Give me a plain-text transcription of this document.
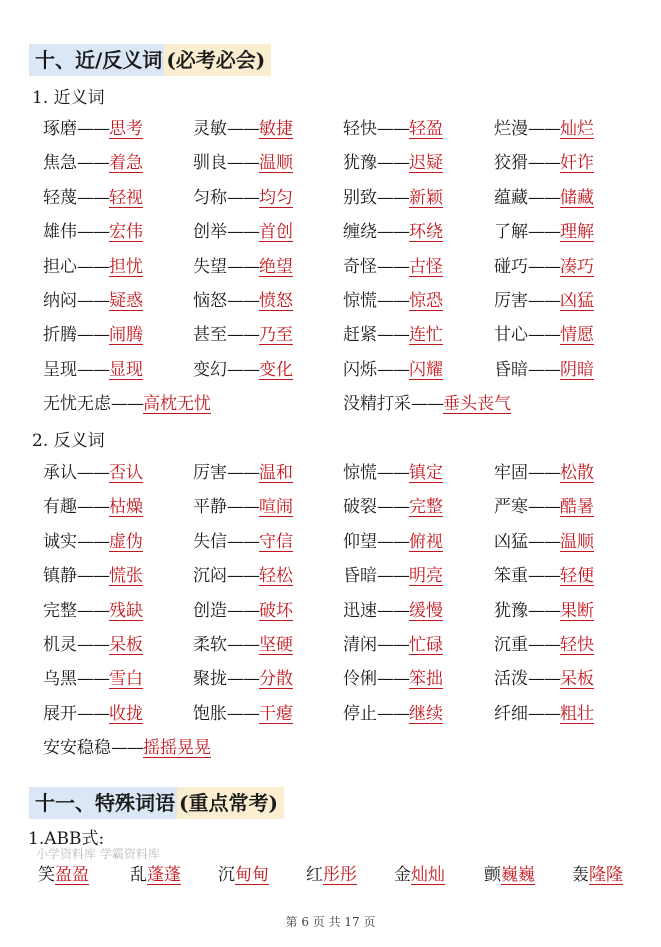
十、近/反义词 (必考必会)
1. 近义词
琢磨 —— 思考	灵敏 —— 敏捷	轻快 —— 轻盈	烂漫 —— 灿烂
焦急 —— 着急	驯良 —— 温顺	犹豫 —— 迟疑	狡猾 —— 奸诈
轻蔑 —— 轻视	匀称 —— 均匀	别致 —— 新颖	蕴藏 —— 储藏
雄伟 —— 宏伟	创举 —— 首创	缠绕 —— 环绕	了解 —— 理解
担心 —— 担忧	失望 —— 绝望	奇怪 —— 古怪	碰巧 —— 凑巧
纳闷 —— 疑惑	恼怒 —— 愤怒	惊慌 —— 惊恐	厉害 —— 凶猛
折腾 —— 闹腾	甚至 —— 乃至	赶紧 —— 连忙	甘心 —— 情愿
呈现 —— 显现	变幻 —— 变化	闪烁 —— 闪耀	昏暗 —— 阴暗
无忧无虑 —— 高枕无忧	没精打采 —— 垂头丧气
2. 反义词
承认 —— 否认	厉害 —— 温和	惊慌 —— 镇定	牢固 —— 松散
有趣 —— 枯燥	平静 —— 喧闹	破裂 —— 完整	严寒 —— 酷暑
诚实 —— 虚伪	失信 —— 守信	仰望 —— 俯视	凶猛 —— 温顺
镇静 —— 慌张	沉闷 —— 轻松	昏暗 —— 明亮	笨重 —— 轻便
完整 —— 残缺	创造 —— 破坏	迅速 —— 缓慢	犹豫 —— 果断
机灵 —— 呆板	柔软 —— 坚硬	清闲 —— 忙碌	沉重 —— 轻快
乌黑 —— 雪白	聚拢 —— 分散	伶俐 —— 笨拙	活泼 —— 呆板
展开 —— 收拢	饱胀 —— 干瘪	停止 —— 继续	纤细 —— 粗壮
安安稳稳 —— 摇摇晃晃
十一、特殊词语 (重点常考)
1.ABB式:
小学资料库 学霸资料库
笑盈盈 乱蓬蓬 沉甸甸 红彤彤 金灿灿 颤巍巍 轰隆隆
第 6 页 共 17 页
